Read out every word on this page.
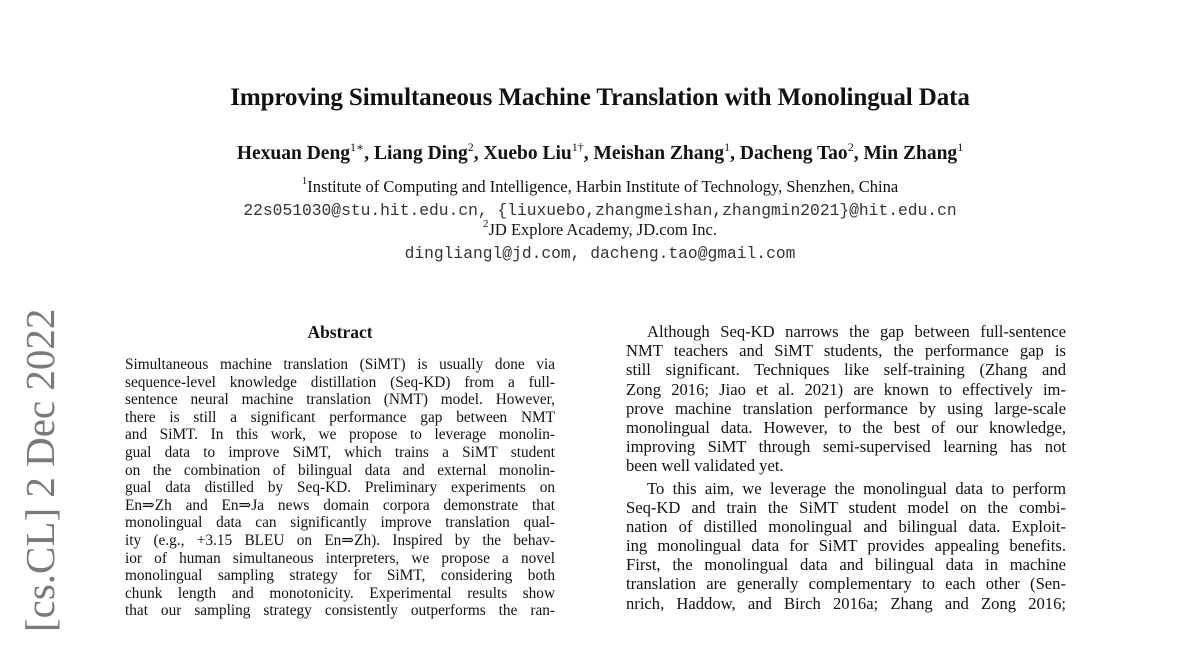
Improving Simultaneous Machine Translation with Monolingual Data
Hexuan Deng$^{1∗}$, Liang Ding$^2$, Xuebo Liu$^{1\dagger}$, Meishan Zhang$^1$, Dacheng Tao$^2$, Min Zhang$^1$
$^1$Institute of Computing and Intelligence, Harbin Institute of Technology, Shenzhen, China
22s051030@stu.hit.edu.cn, {liuxuebo,zhangmeishan,zhangmin2021}@hit.edu.cn
$^2$JD Explore Academy, JD.com Inc.
dingliangl@jd.com, dacheng.tao@gmail.com
[cs.CL] 2 Dec 2022	Abstract
Simultaneous machine translation (SiMT) is usually done via
sequence-level knowledge distillation (Seq-KD) from a full-
sentence neural machine translation (NMT) model. However,
there is still a significant performance gap between NMT
and SiMT. In this work, we propose to leverage monolin-
gual data to improve SiMT, which trains a SiMT student
on the combination of bilingual data and external monolin-
gual data distilled by Seq-KD. Preliminary experiments on
En⇒Zh and En⇒Ja news domain corpora demonstrate that
monolingual data can significantly improve translation qual-
ity (e.g., +3.15 BLEU on En⇒Zh). Inspired by the behav-
ior of human simultaneous interpreters, we propose a novel
monolingual sampling strategy for SiMT, considering both
chunk length and monotonicity. Experimental results show
that our sampling strategy consistently outperforms the ran-
Although Seq-KD narrows the gap between full-sentence
NMT teachers and SiMT students, the performance gap is
still significant. Techniques like self-training (Zhang and
Zong 2016; Jiao et al. 2021) are known to effectively im-
prove machine translation performance by using large-scale
monolingual data. However, to the best of our knowledge,
improving SiMT through semi-supervised learning has not
been well validated yet.
To this aim, we leverage the monolingual data to perform
Seq-KD and train the SiMT student model on the combi-
nation of distilled monolingual and bilingual data. Exploit-
ing monolingual data for SiMT provides appealing benefits.
First, the monolingual data and bilingual data in machine
translation are generally complementary to each other (Sen-
nrich, Haddow, and Birch 2016a; Zhang and Zong 2016;
